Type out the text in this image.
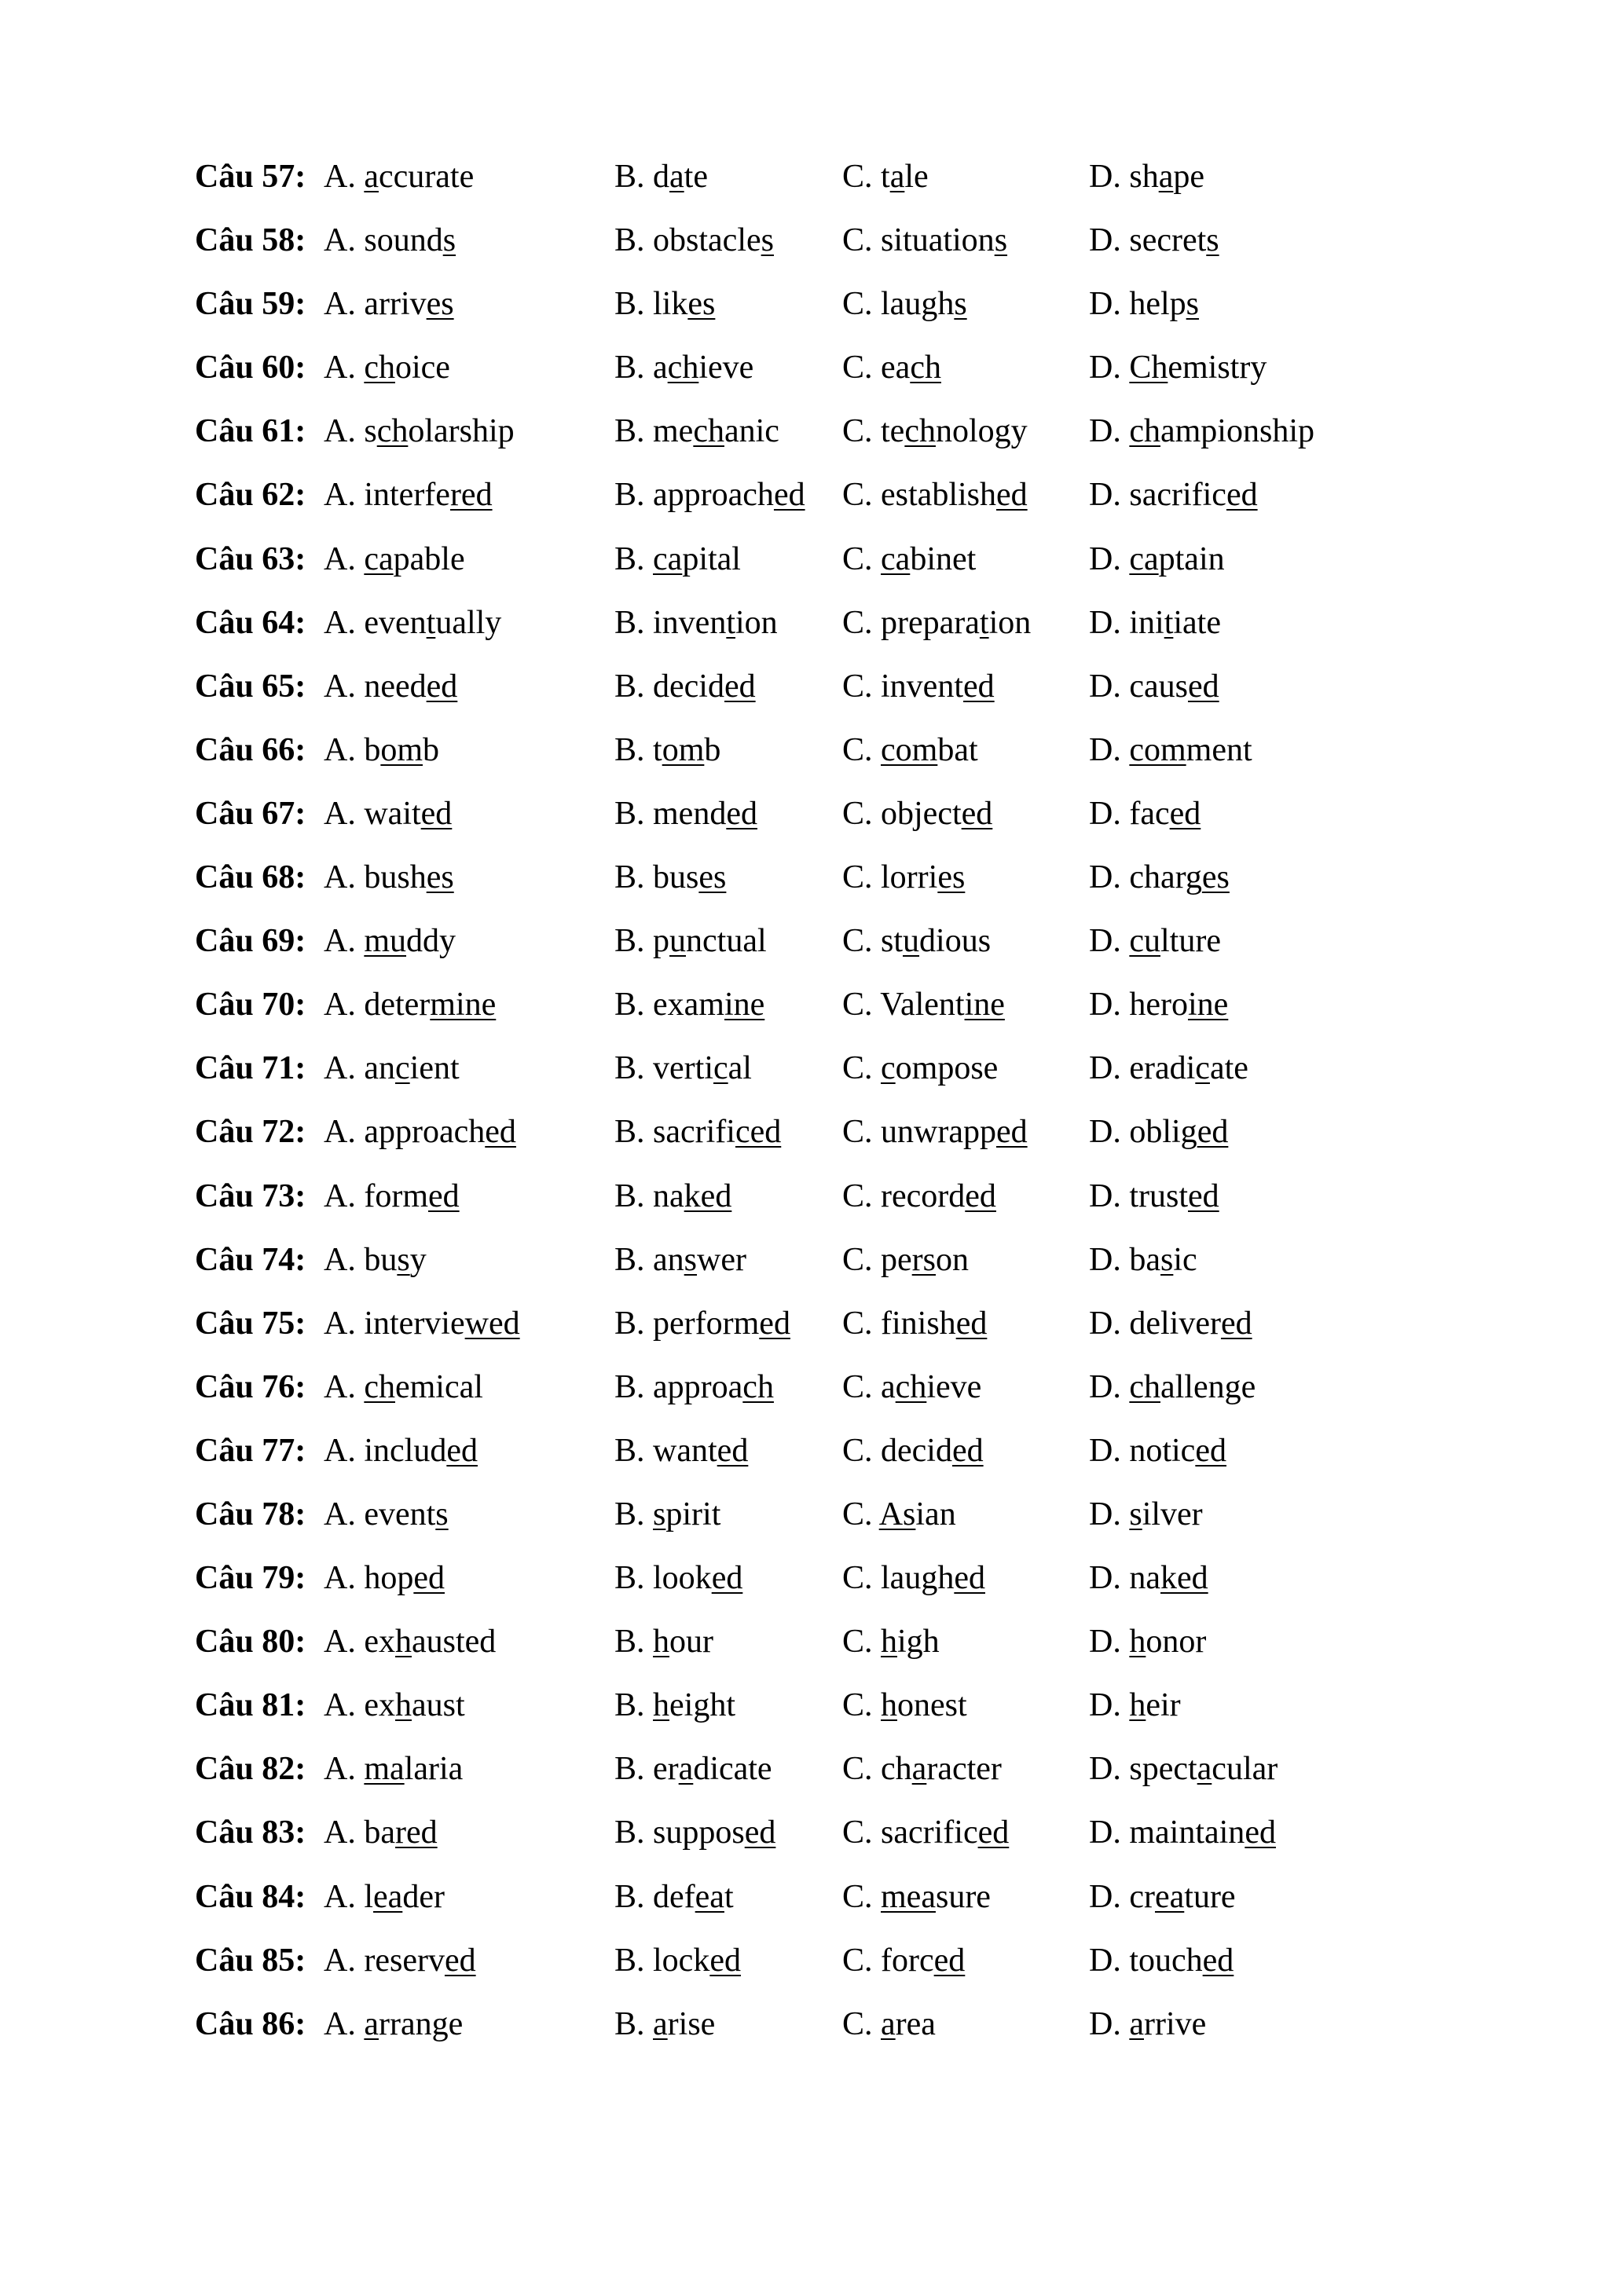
Câu 57: A. accurate	B. date	C. tale	D. shape
Câu 58: A. sounds	B. obstacles C. situations D. secrets
Câu 59: A. arrives	B. likes	C. laughs	D. helps
Câu 60: A. choice	B. achieve	C. each	D. Chemistry
Câu 61: A. scholarship	B. mechanic C. technology D. championship
Câu 62: A. interfered	B. approached C. established D. sacrificed
Câu 63: A. capable	B. capital	C. cabinet	D. captain
Câu 64: A. eventually	B. invention C. preparation D. initiate
Câu 65: A. needed	B. decided	C. invented	D. caused
Câu 66: A. bomb	B. tomb	C. combat	D. comment
Câu 67: A. waited	B. mended	C. objected	D. faced
Câu 68: A. bushes	B. buses	C. lorries	D. charges
Câu 69: A. muddy	B. punctual C. studious	D. culture
Câu 70: A. determine	B. examine C. Valentine	D. heroine
Câu 71: A. ancient	B. vertical	C. compose	D. eradicate
Câu 72: A. approached	B. sacrificed C. unwrapped D. obliged
Câu 73: A. formed	B. naked	C. recorded	D. trusted
Câu 74: A. busy	B. answer	C. person	D. basic
Câu 75: A. interviewed	B. performed C. finished	D. delivered
Câu 76: A. chemical	B. approach C. achieve	D. challenge
Câu 77: A. included	B. wanted	C. decided	D. noticed
Câu 78: A. events	B. spirit	C. Asian	D. silver
Câu 79: A. hoped	B. looked	C. laughed	D. naked
Câu 80: A. exhausted	B. hour	C. high	D. honor
Câu 81: A. exhaust	B. height	C. honest	D. heir
Câu 82: A. malaria	B. eradicate C. character	D. spectacular
Câu 83: A. bared	B. supposed C. sacrificed D. maintained
Câu 84: A. leader	B. defeat	C. measure	D. creature
Câu 85: A. reserved	B. locked	C. forced	D. touched
Câu 86: A. arrange	B. arise	C. area	D. arrive
